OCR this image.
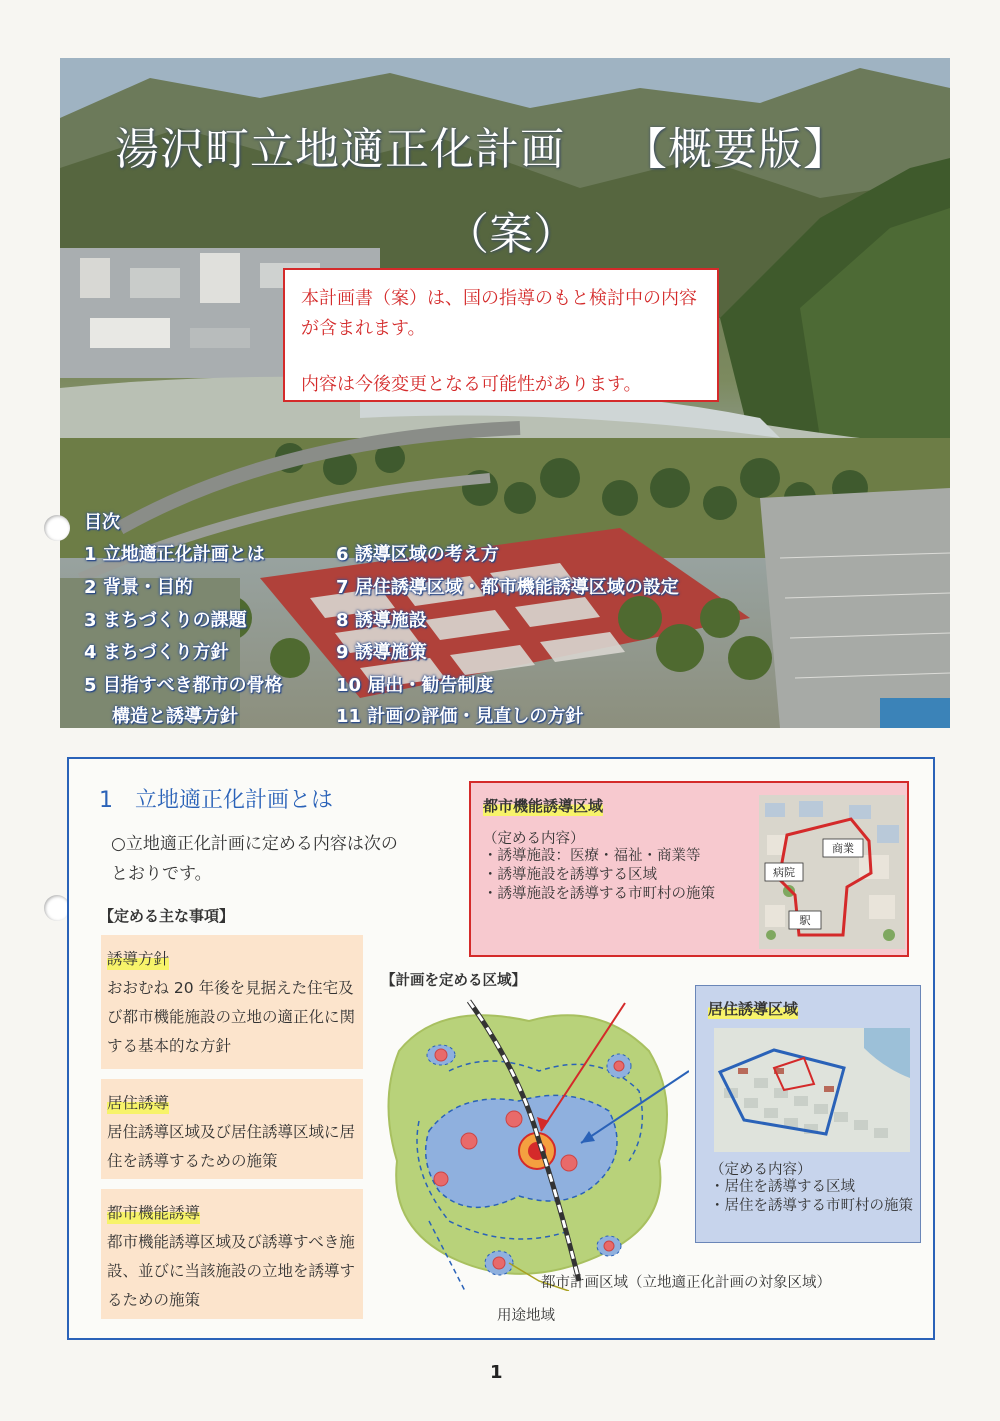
湯沢町立地適正化計画 【概要版】
（案）

本計画書（案）は、国の指導のもと検討中の内容が含まれます。

内容は今後変更となる可能性があります。

目次
1 立地適正化計画とは
2 背景・目的
3 まちづくりの課題
4 まちづくり方針
5 目指すべき都市の骨格
構造と誘導方針
6 誘導区域の考え方
7 居住誘導区域・都市機能誘導区域の設定
8 誘導施設
9 誘導施策
10 届出・勧告制度
11 計画の評価・見直しの方針
1　立地適正化計画とは
○立地適正化計画に定める内容は次のとおりです。
【定める主な事項】
誘導方針

おおむね 20 年後を見据えた住宅及び都市機能施設の立地の適正化に関する基本的な方針

居住誘導

居住誘導区域及び居住誘導区域に居住を誘導するための施策

都市機能誘導

都市機能誘導区域及び誘導すべき施設、並びに当該施設の立地を誘導するための施策

都市機能誘導区域
（定める内容）
・ 誘導施設：医療・福祉・商業等
・ 誘導施設を誘導する区域
・ 誘導施設を誘導する市町村の施策
商業
病院
駅
居住誘導区域
（定める内容）
・ 居住を誘導する区域
・ 居住を誘導する市町村の施策
【計画を定める区域】
都市計画区域（立地適正化計画の対象区域）
用途地域
1
